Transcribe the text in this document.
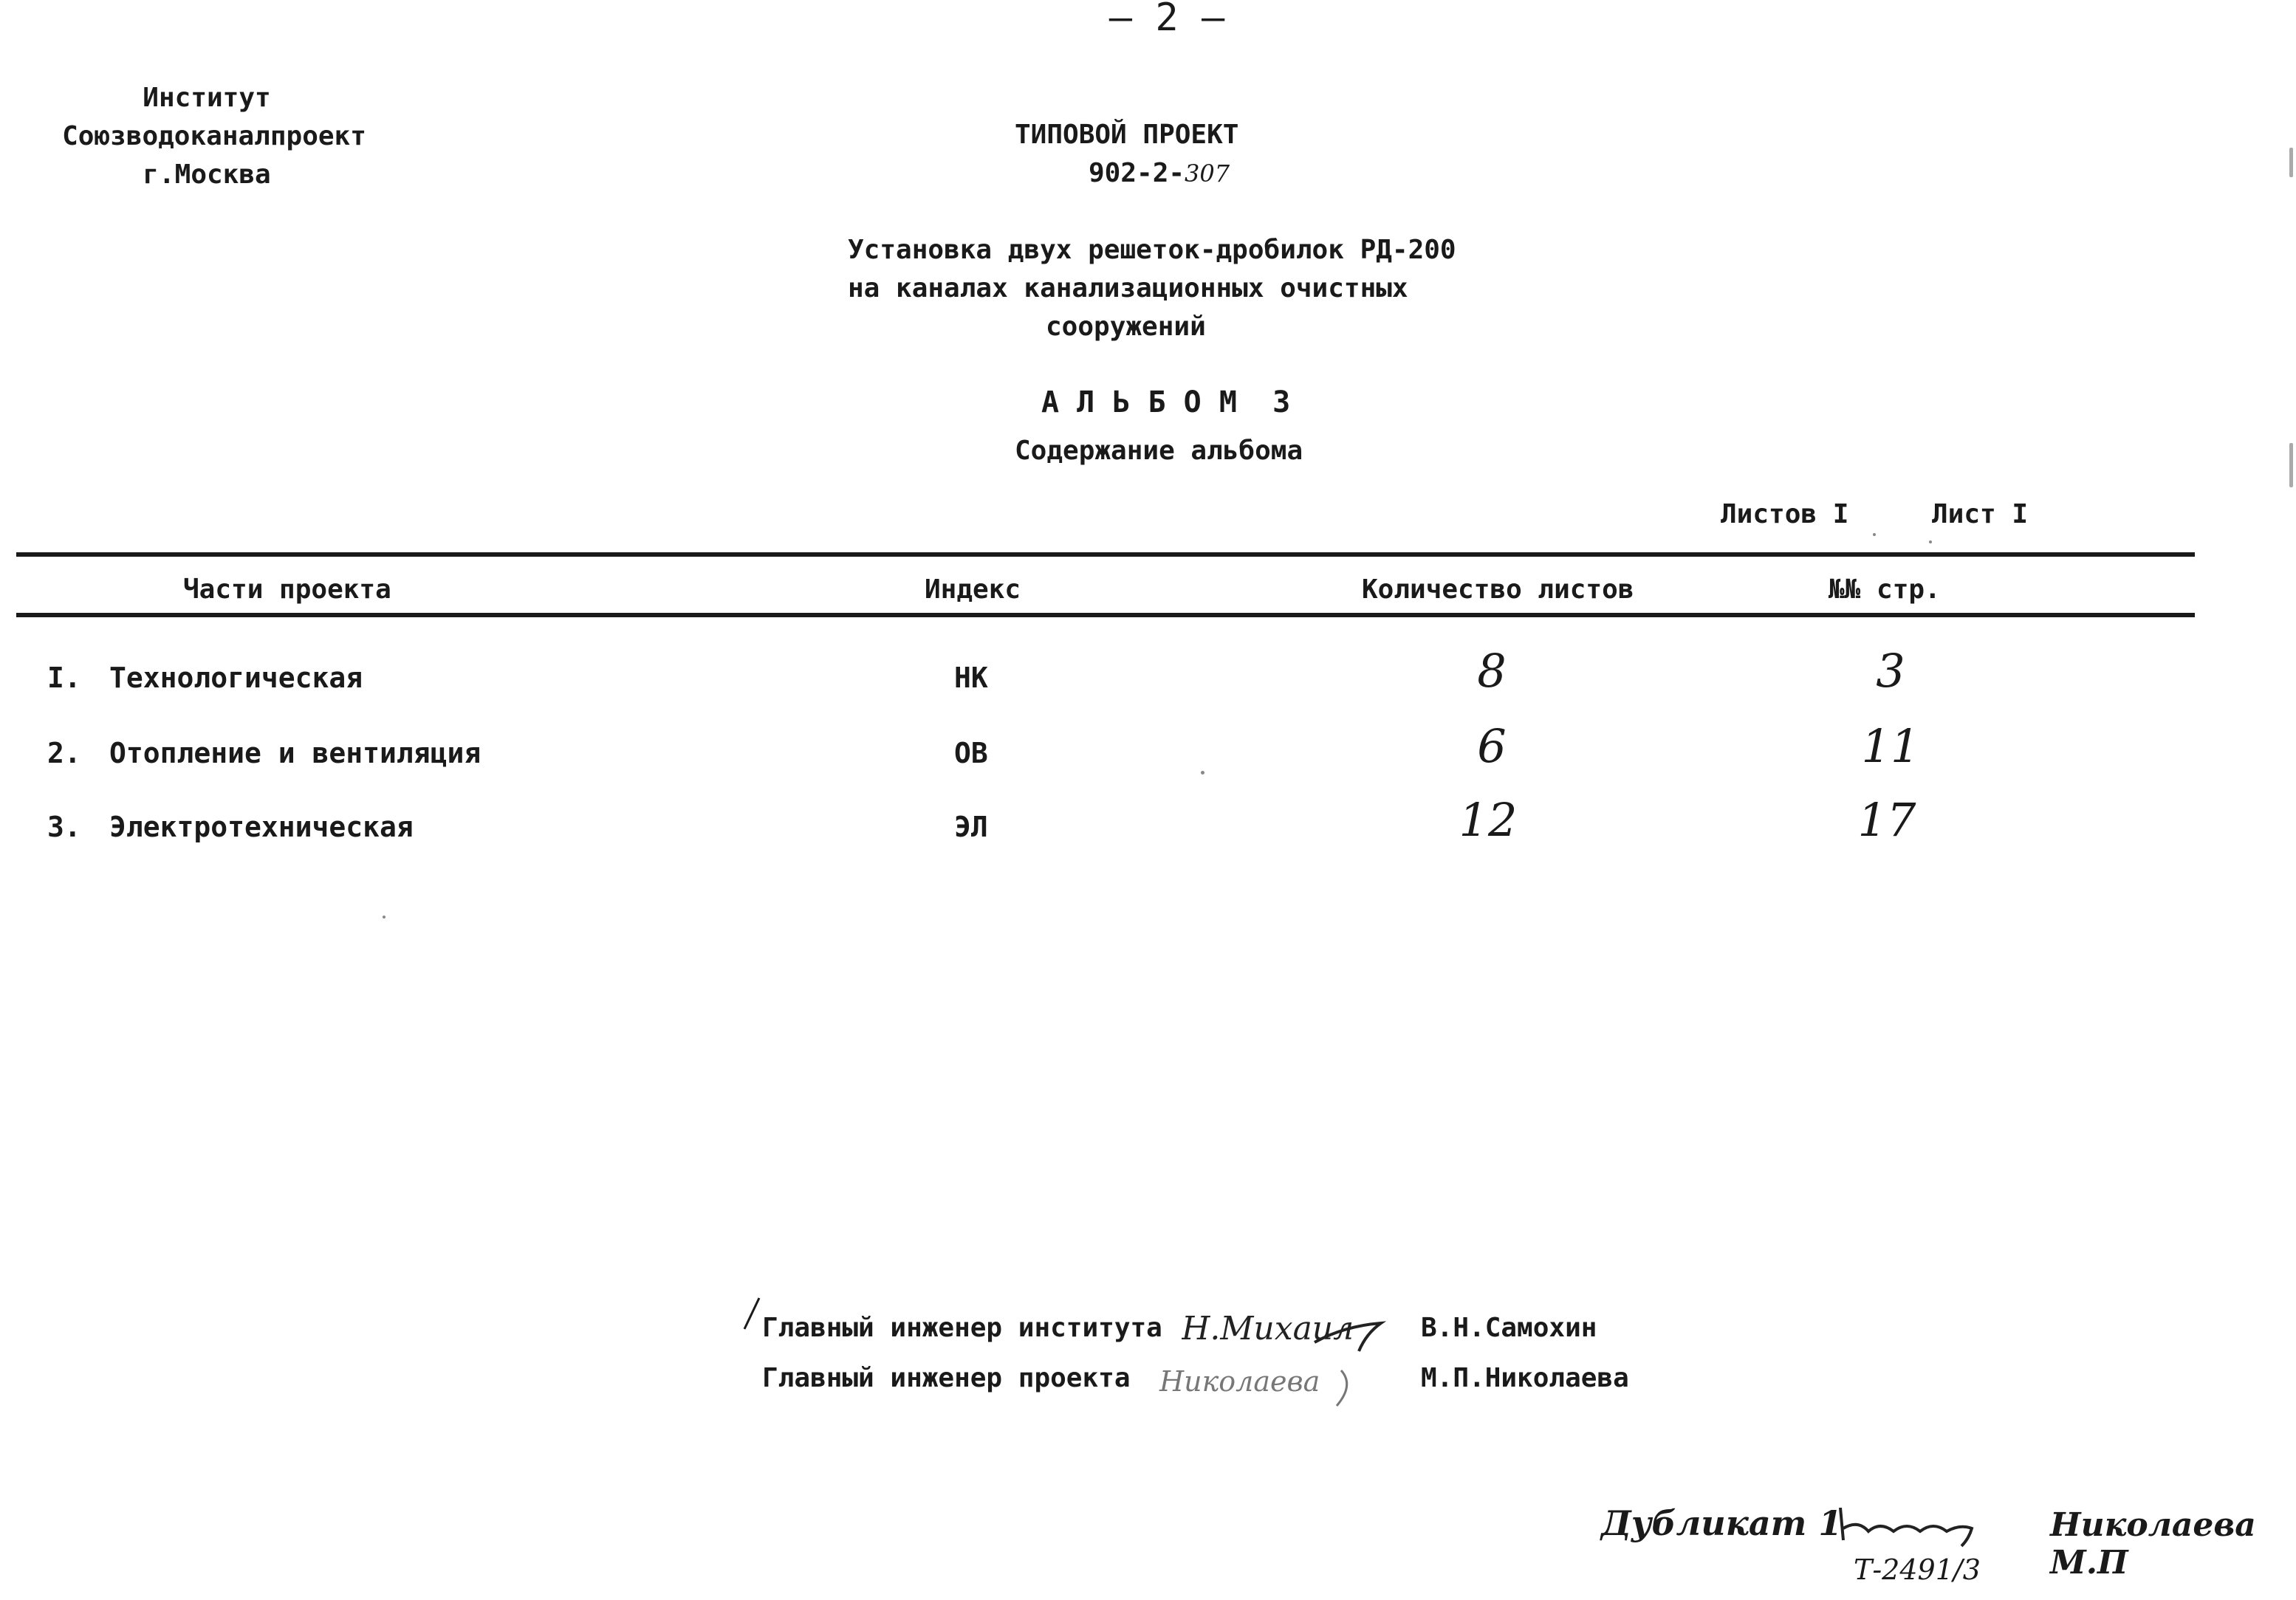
– 2 –
Институт
Союзводоканалпроект
г.Москва
ТИПОВОЙ ПРОЕКТ
902-2-307
Установка двух решеток-дробилок РД-200
на каналах канализационных очистных
сооружений
А Л Ь Б О М  3
Содержание альбома
Листов I	Лист I
Части проекта	Индекс	Количество листов	№№ стр.
I. Технологическая	НК	8	3
2. Отопление и вентиляция	ОВ	6	11
3. Электротехническая	ЭЛ	12	17
Главный инженер института Н.Михаил	В.Н.Самохин
Главный инженер проекта Николаева	М.П.Николаева
Дубликат 1
Т-2491/3
Николаева М.П
